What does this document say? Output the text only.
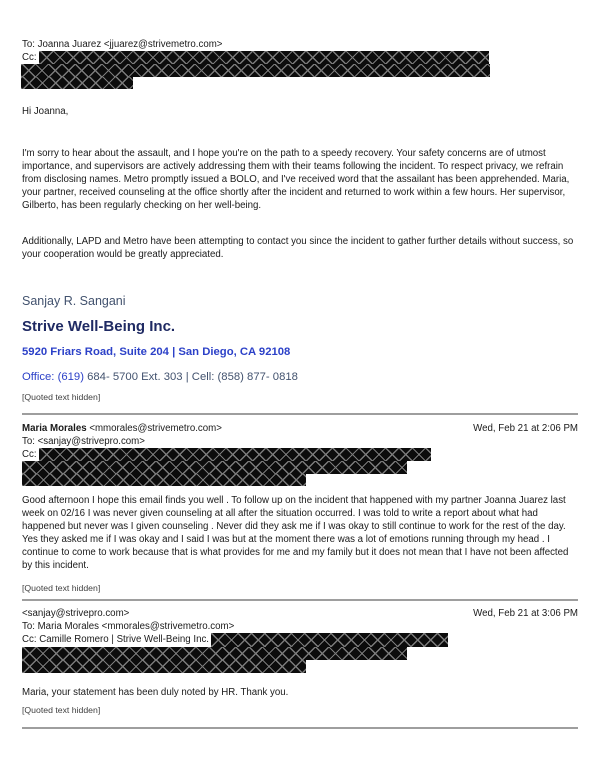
To: Joanna Juarez <jjuarez@strivemetro.com>
Cc:

Hi Joanna,

I'm sorry to hear about the assault, and I hope you're on the path to a speedy recovery. Your safety concerns are of utmost importance, and supervisors are actively addressing them with their teams following the incident. To respect privacy, we refrain from disclosing names. Metro promptly issued a BOLO, and I've received word that the assailant has been apprehended. Maria, your partner, received counseling at the office shortly after the incident and returned to work within a few hours. Her supervisor, Gilberto, has been regularly checking on her well-being.

Additionally, LAPD and Metro have been attempting to contact you since the incident to gather further details without success, so your cooperation would be greatly appreciated.

Sanjay R. Sangani
Strive Well-Being Inc.
5920 Friars Road, Suite 204 | San Diego, CA 92108
Office: (619) 684- 5700 Ext. 303 | Cell: (858) 877- 0818
[Quoted text hidden]
Maria Morales <mmorales@strivemetro.com>	Wed, Feb 21 at 2:06 PM
To: <sanjay@strivepro.com>
Cc:

Good afternoon I hope this email finds you well . To follow up on the incident that happened with my partner Joanna Juarez last week on 02/16 I was never given counseling at all after the situation occurred. I was told to write a report about what had happened but never was I given counseling . Never did they ask me if I was okay to still continue to work for the rest of the day. Yes they asked me if I was okay and I said I was but at the moment there was a lot of emotions running through my head . I continue to come to work because that is what provides for me and my family but it does not mean that I have not been affected by this incident.

[Quoted text hidden]
<sanjay@strivepro.com>	Wed, Feb 21 at 3:06 PM
To: Maria Morales <mmorales@strivemetro.com>
Cc: Camille Romero | Strive Well-Being Inc.

Maria, your statement has been duly noted by HR. Thank you.

[Quoted text hidden]
